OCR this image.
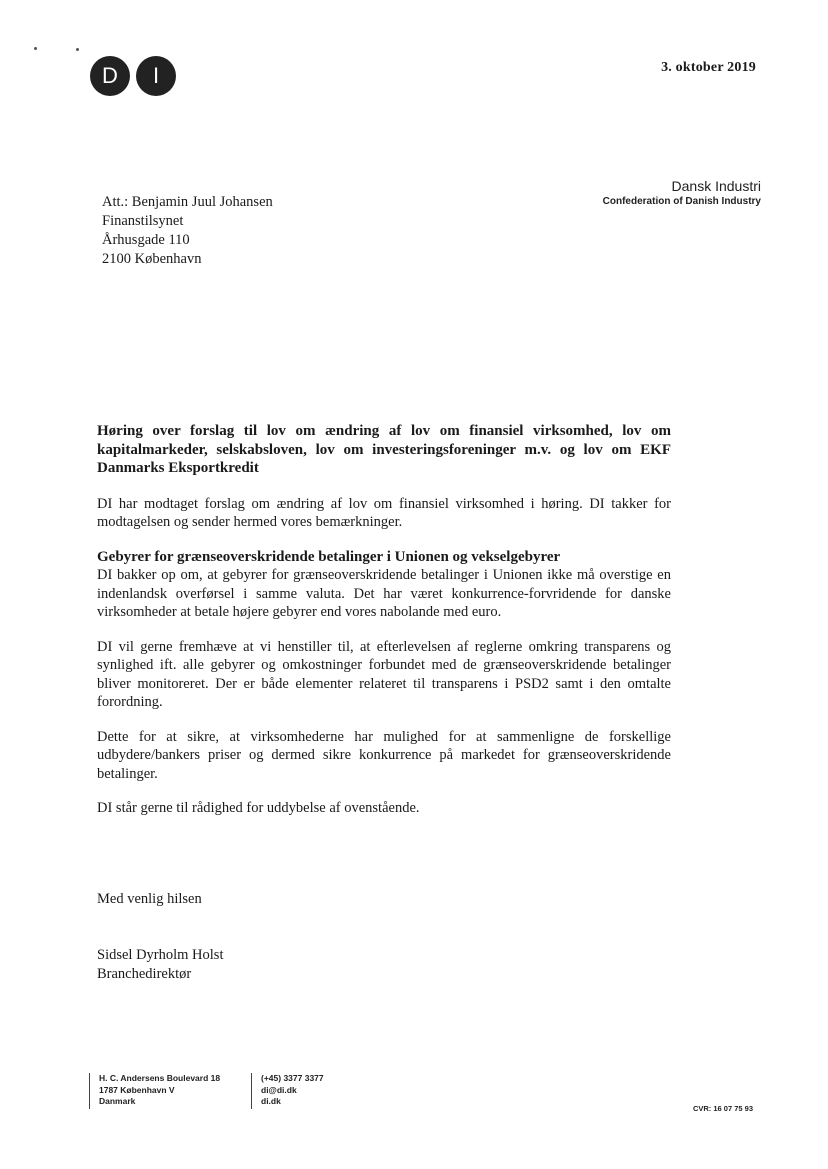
D	I	3. oktober 2019
Dansk Industri
Confederation of Danish Industry
Att.: Benjamin Juul Johansen
Finanstilsynet
Århusgade 110
2100 København

Høring over forslag til lov om ændring af lov om finansiel virksomhed, lov om kapitalmarkeder, selskabsloven, lov om investeringsforeninger m.v. og lov om EKF Danmarks Eksportkredit

DI har modtaget forslag om ændring af lov om finansiel virksomhed i høring. DI takker for modtagelsen og sender hermed vores bemærkninger.

Gebyrer for grænseoverskridende betalinger i Unionen og vekselgebyrer

DI bakker op om, at gebyrer for grænseoverskridende betalinger i Unionen ikke må overstige en indenlandsk overførsel i samme valuta. Det har været konkurrence-forvridende for danske virksomheder at betale højere gebyrer end vores nabolande med euro.

DI vil gerne fremhæve at vi henstiller til, at efterlevelsen af reglerne omkring transparens og synlighed ift. alle gebyrer og omkostninger forbundet med de grænseoverskridende betalinger bliver monitoreret. Der er både elementer relateret til transparens i PSD2 samt i den omtalte forordning.

Dette for at sikre, at virksomhederne har mulighed for at sammenligne de forskellige udbydere/bankers priser og dermed sikre konkurrence på markedet for grænseoverskridende betalinger.

DI står gerne til rådighed for uddybelse af ovenstående.

Med venlig hilsen
Sidsel Dyrholm Holst
Branchedirektør
H. C. Andersens Boulevard 18
1787 København V
Danmark
(+45) 3377 3377
di@di.dk
di.dk
CVR: 16 07 75 93
